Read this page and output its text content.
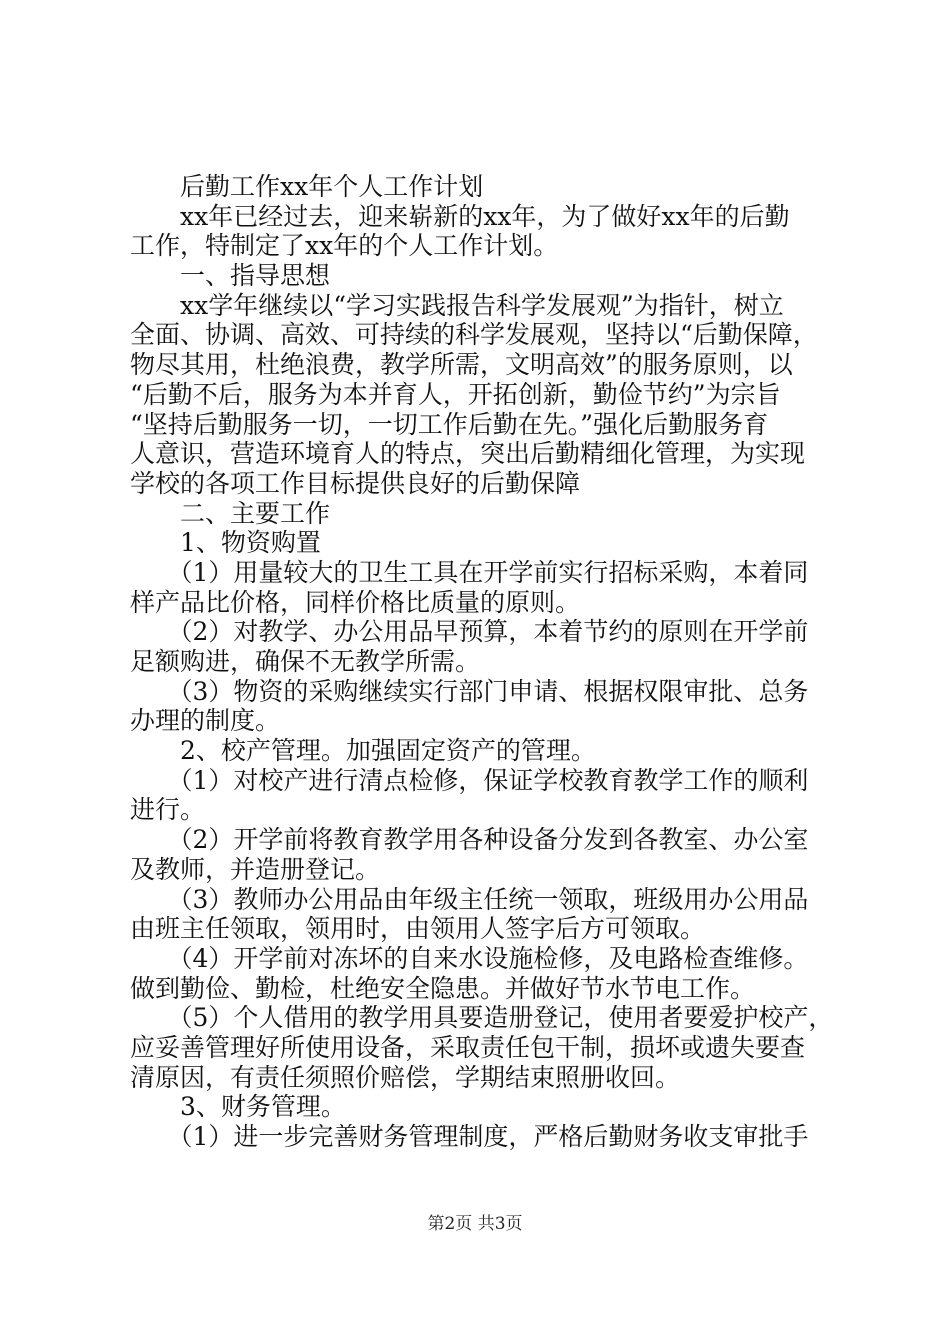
　　后勤工作xx年个人工作计划
　　xx年已经过去，迎来崭新的xx年，为了做好xx年的后勤
工作，特制定了xx年的个人工作计划。
　　一、指导思想
　　xx学年继续以“学习实践报告科学发展观”为指针，树立
全面、协调、高效、可持续的科学发展观，坚持以“后勤保障，
物尽其用，杜绝浪费，教学所需，文明高效”的服务原则，以
“后勤不后，服务为本并育人，开拓创新，勤俭节约”为宗旨
“坚持后勤服务一切，一切工作后勤在先。”强化后勤服务育
人意识，营造环境育人的特点，突出后勤精细化管理，为实现
学校的各项工作目标提供良好的后勤保障
　　二、主要工作
　　1、物资购置
　　（1）用量较大的卫生工具在开学前实行招标采购，本着同
样产品比价格，同样价格比质量的原则。
　　（2）对教学、办公用品早预算，本着节约的原则在开学前
足额购进，确保不无教学所需。
　　（3）物资的采购继续实行部门申请、根据权限审批、总务
办理的制度。
　　2、校产管理。加强固定资产的管理。
　　（1）对校产进行清点检修，保证学校教育教学工作的顺利
进行。
　　（2）开学前将教育教学用各种设备分发到各教室、办公室
及教师，并造册登记。
　　（3）教师办公用品由年级主任统一领取，班级用办公用品
由班主任领取，领用时，由领用人签字后方可领取。
　　（4）开学前对冻坏的自来水设施检修，及电路检查维修。
做到勤俭、勤检，杜绝安全隐患。并做好节水节电工作。
　　（5）个人借用的教学用具要造册登记，使用者要爱护校产，
应妥善管理好所使用设备，采取责任包干制，损坏或遗失要查
清原因，有责任须照价赔偿，学期结束照册收回。
　　3、财务管理。
　　（1）进一步完善财务管理制度，严格后勤财务收支审批手
第2页 共3页
